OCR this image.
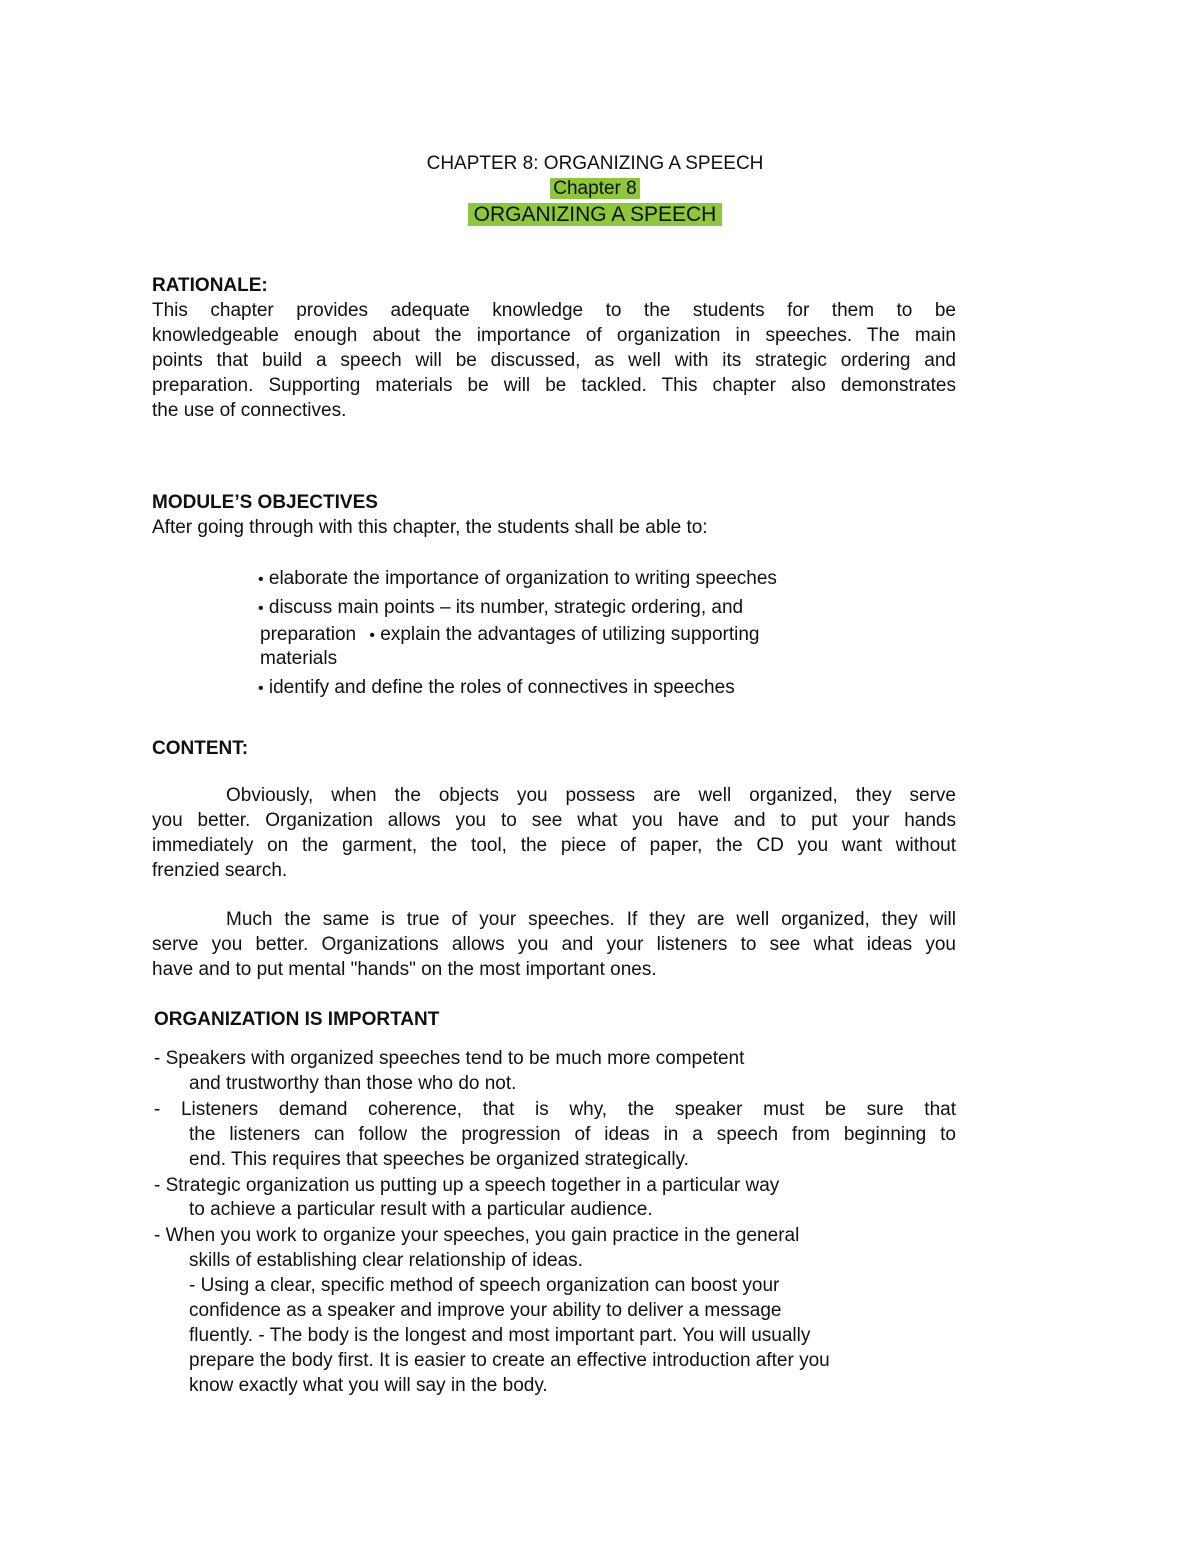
CHAPTER 8: ORGANIZING A SPEECH
Chapter 8
ORGANIZING A SPEECH
RATIONALE:
This chapter provides adequate knowledge to the students for them to be
knowledgeable enough about the importance of organization in speeches. The main
points that build a speech will be discussed, as well with its strategic ordering and
preparation. Supporting materials be will be tackled. This chapter also demonstrates
the use of connectives.
MODULE’S OBJECTIVES
After going through with this chapter, the students shall be able to:
• elaborate the importance of organization to writing speeches
• discuss main points – its number, strategic ordering, and
preparation • explain the advantages of utilizing supporting
materials
• identify and define the roles of connectives in speeches
CONTENT:
Obviously, when the objects you possess are well organized, they serve
you better. Organization allows you to see what you have and to put your hands
immediately on the garment, the tool, the piece of paper, the CD you want without
frenzied search.
Much the same is true of your speeches. If they are well organized, they will
serve you better. Organizations allows you and your listeners to see what ideas you
have and to put mental "hands" on the most important ones.
ORGANIZATION IS IMPORTANT
- Speakers with organized speeches tend to be much more competent
and trustworthy than those who do not.
- Listeners demand coherence, that is why, the speaker must be sure that
the listeners can follow the progression of ideas in a speech from beginning to
end. This requires that speeches be organized strategically.
- Strategic organization us putting up a speech together in a particular way
to achieve a particular result with a particular audience.
- When you work to organize your speeches, you gain practice in the general
skills of establishing clear relationship of ideas.
- Using a clear, specific method of speech organization can boost your
confidence as a speaker and improve your ability to deliver a message
fluently. - The body is the longest and most important part. You will usually
prepare the body first. It is easier to create an effective introduction after you
know exactly what you will say in the body.
